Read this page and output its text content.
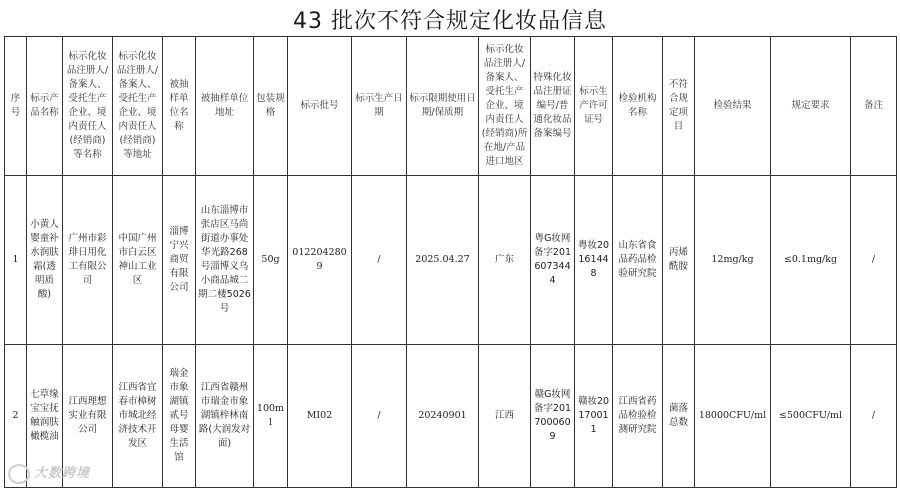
43 批次不符合规定化妆品信息
序号	标示产品名称	标示化妆品注册人/备案人、受托生产企业、境内责任人(经销商)等名称	标示化妆品注册人/备案人、受托生产企业、境内责任人(经销商)等地址	被抽样单位名称	被抽样单位地址	包装规格	标示批号	标示生产日期	标示限期使用日期/保质期	标示化妆品注册人/备案人、受托生产企业、境内责任人(经销商)所在地/产品进口地区	特殊化妆品注册证编号/普通化妆品备案编号	标示生产许可证号	检验机构名称	不符合规定项目	检验结果	规定要求	备注
1	小黄人婴童补水润肤霜(透明质酸)	广州市彩琲日用化工有限公司	中国广州市白云区神山工业区	淄博宁兴商贸有限公司	山东淄博市张店区马尚街道办事处华光路268号淄博义乌小商品城二期二楼5026号	50g	0122042809	/	2025.04.27	广东	粤G妆网备字2016073444	粤妆20161448	山东省食品药品检验研究院	丙烯酰胺	12mg/kg	≤0.1mg/kg	/
2	七草缘宝宝抚触润肤橄榄油	江西理想实业有限公司	江西省宜春市樟树市城北经济技术开发区	瑞金市象湖镇贰号母婴生活馆	江西省赣州市瑞金市象湖镇梓林南路(大润发对面)	100ml	MI02	/	20240901	江西	赣G妆网备字2017000609	赣妆20170011	江西省药品检验检测研究院	菌落总数	18000CFU/ml	≤500CFU/ml	/
大数跨境
